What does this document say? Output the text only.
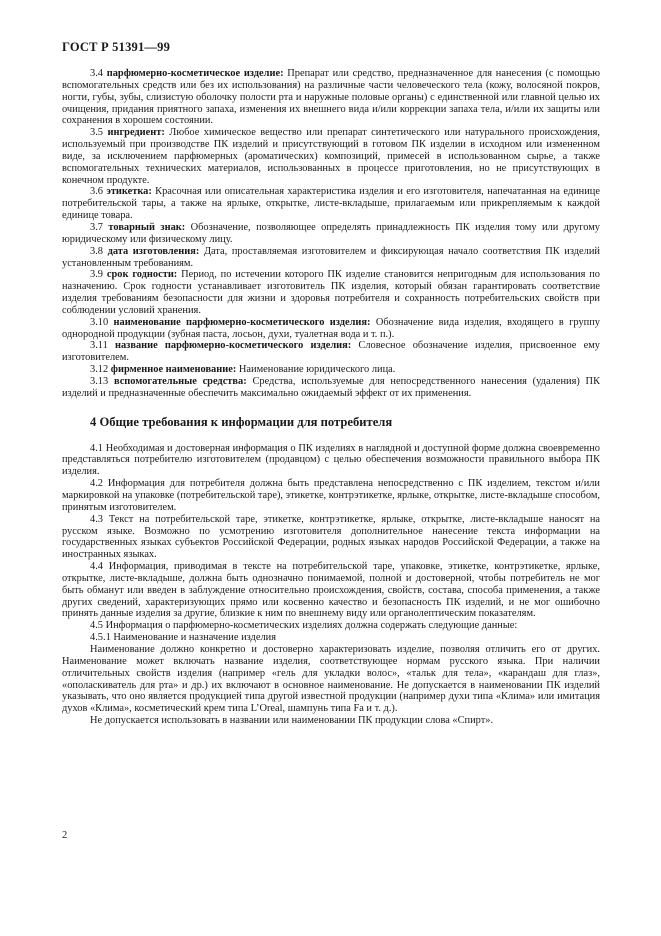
ГОСТ Р 51391—99

3.4 парфюмерно-косметическое изделие: Препарат или средство, предназначенное для нанесения (с помощью вспомогательных средств или без их использования) на различные части человеческого тела (кожу, волосяной покров, ногти, губы, зубы, слизистую оболочку полости рта и наружные половые органы) с единственной или главной целью их очищения, придания приятного запаха, изменения их внешнего вида и/или коррекции запаха тела, и/или их защиты или сохранения в хорошем состоянии.

3.5 ингредиент: Любое химическое вещество или препарат синтетического или натурального происхождения, используемый при производстве ПК изделий и присутствующий в готовом ПК изделии в исходном или измененном виде, за исключением парфюмерных (ароматических) композиций, примесей в использованном сырье, а также вспомогательных технических материалов, использованных в процессе приготовления, но не присутствующих в конечном продукте.

3.6 этикетка: Красочная или описательная характеристика изделия и его изготовителя, напечатанная на единице потребительской тары, а также на ярлыке, открытке, листе-вкладыше, прилагаемым или прикрепляемым к каждой единице товара.

3.7 товарный знак: Обозначение, позволяющее определять принадлежность ПК изделия тому или другому юридическому или физическому лицу.

3.8 дата изготовления: Дата, проставляемая изготовителем и фиксирующая начало соответствия ПК изделий установленным требованиям.

3.9 срок годности: Период, по истечении которого ПК изделие становится непригодным для использования по назначению. Срок годности устанавливает изготовитель ПК изделия, который обязан гарантировать соответствие изделия требованиям безопасности для жизни и здоровья потребителя и сохранность потребительских свойств при соблюдении условий хранения.

3.10 наименование парфюмерно-косметического изделия: Обозначение вида изделия, входящего в группу однородной продукции (зубная паста, лосьон, духи, туалетная вода и т. п.).

3.11 название парфюмерно-косметического изделия: Словесное обозначение изделия, присвоенное ему изготовителем.

3.12 фирменное наименование: Наименование юридического лица.

3.13 вспомогательные средства: Средства, используемые для непосредственного нанесения (удаления) ПК изделий и предназначенные обеспечить максимально ожидаемый эффект от их применения.

4 Общие требования к информации для потребителя

4.1 Необходимая и достоверная информация о ПК изделиях в наглядной и доступной форме должна своевременно представляться потребителю изготовителем (продавцом) с целью обеспечения возможности правильного выбора ПК изделия.

4.2 Информация для потребителя должна быть представлена непосредственно с ПК изделием, текстом и/или маркировкой на упаковке (потребительской таре), этикетке, контрэтикетке, ярлыке, открытке, листе-вкладыше способом, принятым изготовителем.

4.3 Текст на потребительской таре, этикетке, контрэтикетке, ярлыке, открытке, листе-вкладыше наносят на русском языке. Возможно по усмотрению изготовителя дополнительное нанесение текста информации на государственных языках субъектов Российской Федерации, родных языках народов Российской Федерации, а также на иностранных языках.

4.4 Информация, приводимая в тексте на потребительской таре, упаковке, этикетке, контрэтикетке, ярлыке, открытке, листе-вкладыше, должна быть однозначно понимаемой, полной и достоверной, чтобы потребитель не мог быть обманут или введен в заблуждение относительно происхождения, свойств, состава, способа применения, а также других сведений, характеризующих прямо или косвенно качество и безопасность ПК изделий, и не мог ошибочно принять данные изделия за другие, близкие к ним по внешнему виду или органолептическим показателям.

4.5 Информация о парфюмерно-косметических изделиях должна содержать следующие данные:

4.5.1 Наименование и назначение изделия

Наименование должно конкретно и достоверно характеризовать изделие, позволяя отличить его от других. Наименование может включать название изделия, соответствующее нормам русского языка. При наличии отличительных свойств изделия (например «гель для укладки волос», «тальк для тела», «карандаш для глаз», «ополаскиватель для рта» и др.) их включают в основное наименование. Не допускается в наименовании ПК изделий указывать, что оно является продукцией типа другой известной продукции (например духи типа «Клима» или имитация духов «Клима», косметический крем типа L’Oreal, шампунь типа Fa и т. д.).

Не допускается использовать в названии или наименовании ПК продукции слова «Спирт».

2
